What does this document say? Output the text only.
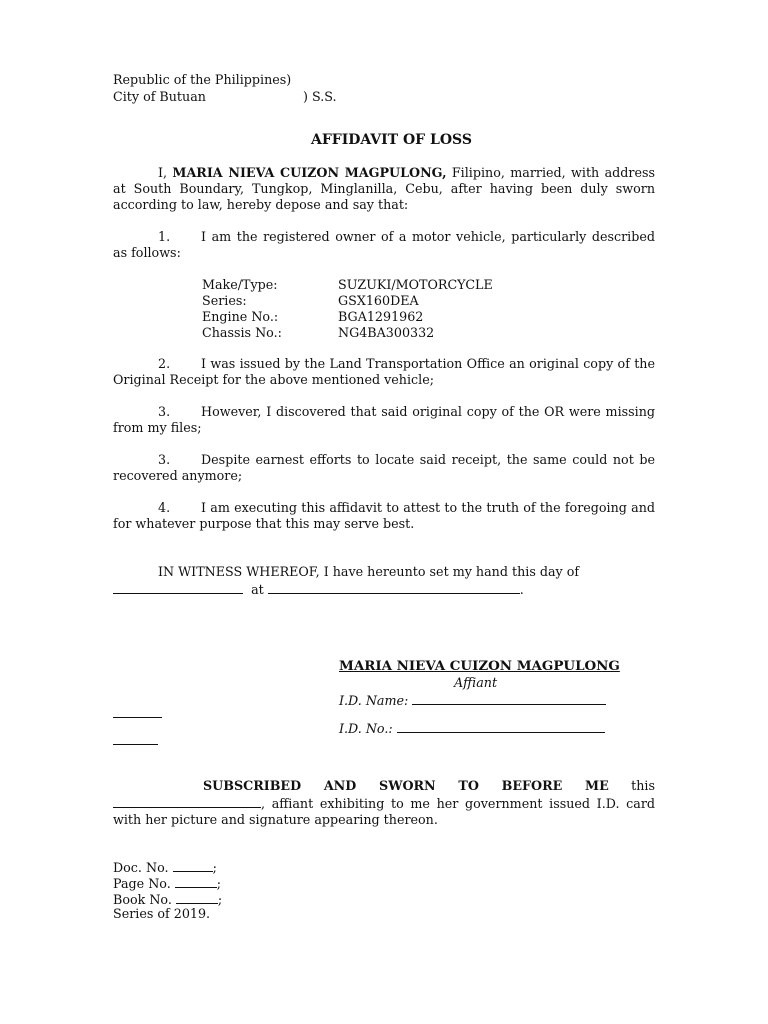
Republic of the Philippines)
City of Butuan	) S.S.
AFFIDAVIT OF LOSS
I, MARIA NIEVA CUIZON MAGPULONG, Filipino, married, with address at South Boundary, Tungkop, Minglanilla, Cebu, after having been duly sworn according to law, hereby depose and say that:
1. I am the registered owner of a motor vehicle, particularly described as follows:
Make/Type:	SUZUKI/MOTORCYCLE
Series:	GSX160DEA
Engine No.:	BGA1291962
Chassis No.:	NG4BA300332
2. I was issued by the Land Transportation Office an original copy of the Original Receipt for the above mentioned vehicle;
3. However, I discovered that said original copy of the OR were missing from my files;
3. Despite earnest efforts to locate said receipt, the same could not be recovered anymore;
4. I am executing this affidavit to attest to the truth of the foregoing and for whatever purpose that this may serve best.
IN WITNESS WHEREOF, I have hereunto set my hand this day of
at	.
MARIA NIEVA CUIZON MAGPULONG
Affiant
I.D. Name:
I.D. No.:
SUBSCRIBED AND SWORN TO BEFORE ME this , affiant exhibiting to me her government issued I.D. card with her picture and signature appearing thereon.
Doc. No.	;
Page No.	;
Book No.	;
Series of 2019.
